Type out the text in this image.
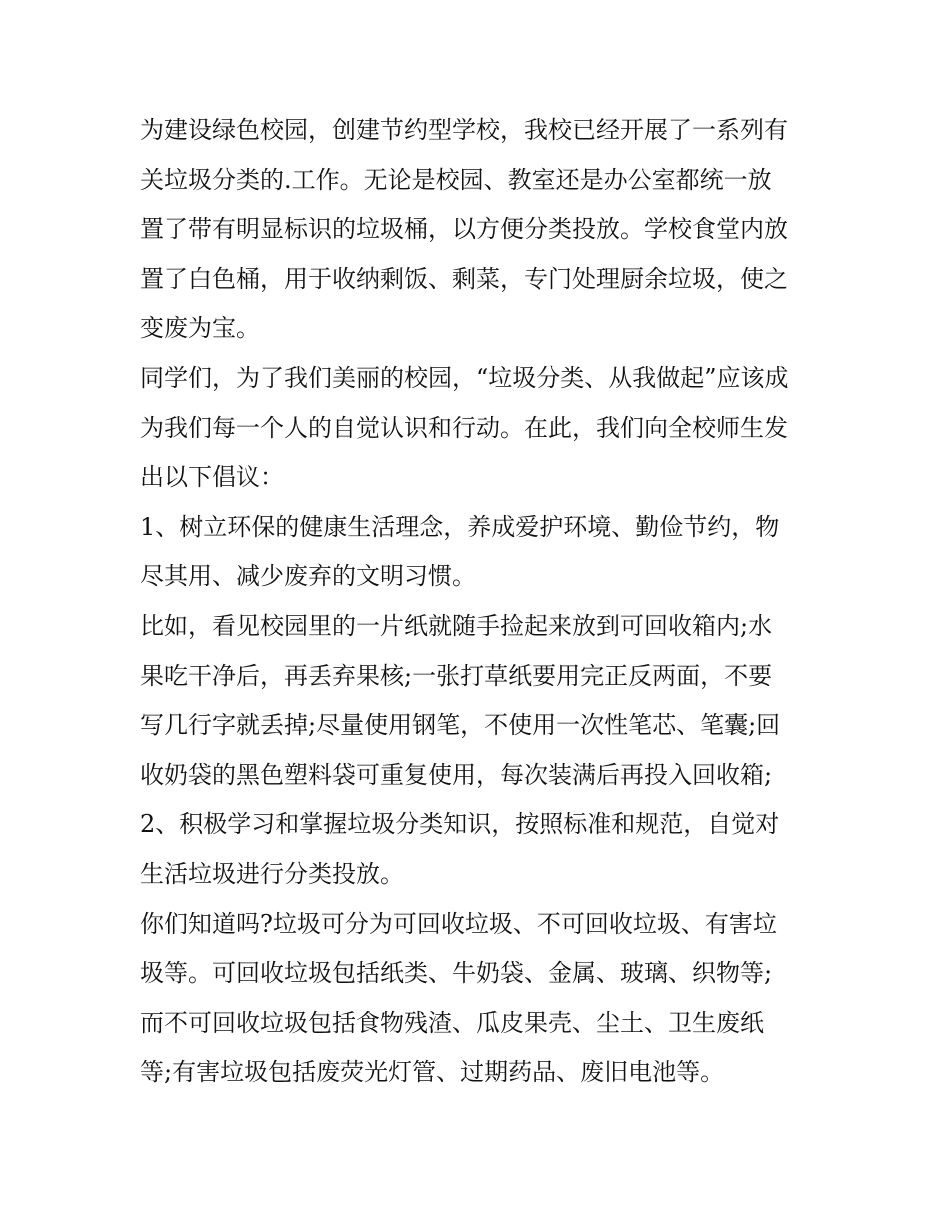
为建设绿色校园，创建节约型学校，我校已经开展了一系列有
关垃圾分类的.工作。无论是校园、教室还是办公室都统一放
置了带有明显标识的垃圾桶，以方便分类投放。学校食堂内放
置了白色桶，用于收纳剩饭、剩菜，专门处理厨余垃圾，使之
变废为宝。
同学们，为了我们美丽的校园，“垃圾分类、从我做起”应该成
为我们每一个人的自觉认识和行动。在此，我们向全校师生发
出以下倡议：
1、树立环保的健康生活理念，养成爱护环境、勤俭节约，物
尽其用、减少废弃的文明习惯。
比如，看见校园里的一片纸就随手捡起来放到可回收箱内;水
果吃干净后，再丢弃果核;一张打草纸要用完正反两面，不要
写几行字就丢掉;尽量使用钢笔，不使用一次性笔芯、笔囊;回
收奶袋的黑色塑料袋可重复使用，每次装满后再投入回收箱;
2、积极学习和掌握垃圾分类知识，按照标准和规范，自觉对
生活垃圾进行分类投放。
你们知道吗?垃圾可分为可回收垃圾、不可回收垃圾、有害垃
圾等。可回收垃圾包括纸类、牛奶袋、金属、玻璃、织物等;
而不可回收垃圾包括食物残渣、瓜皮果壳、尘土、卫生废纸
等;有害垃圾包括废荧光灯管、过期药品、废旧电池等。
